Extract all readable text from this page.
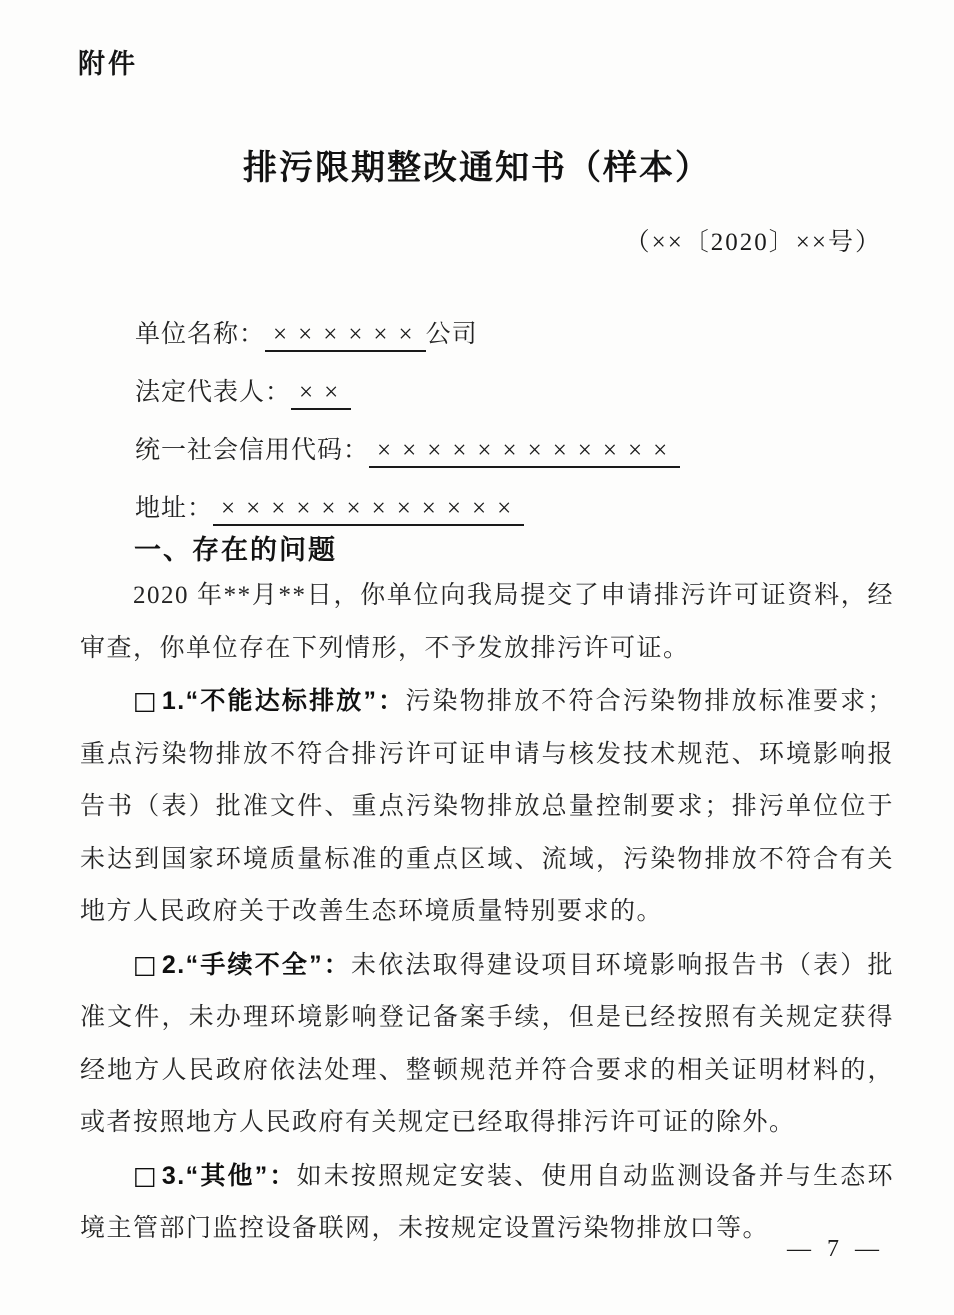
附件
排污限期整改通知书（样本）
（××〔2020〕××号）
单位名称： ××××××公司
法定代表人： ××
统一社会信用代码： ××××××××××××
地址： ××××××××××××
一、存在的问题

2020 年**月**日，你单位向我局提交了申请排污许可证资料，经审查，你单位存在下列情形，不予发放排污许可证。

□ 1.“不能达标排放”：污染物排放不符合污染物排放标准要求；重点污染物排放不符合排污许可证申请与核发技术规范、环境影响报告书（表）批准文件、重点污染物排放总量控制要求；排污单位位于未达到国家环境质量标准的重点区域、流域，污染物排放不符合有关地方人民政府关于改善生态环境质量特别要求的。

□ 2.“手续不全”：未依法取得建设项目环境影响报告书（表）批准文件，未办理环境影响登记备案手续，但是已经按照有关规定获得经地方人民政府依法处理、整顿规范并符合要求的相关证明材料的，或者按照地方人民政府有关规定已经取得排污许可证的除外。

□ 3.“其他”：如未按照规定安装、使用自动监测设备并与生态环境主管部门监控设备联网，未按规定设置污染物排放口等。

— 7 —
